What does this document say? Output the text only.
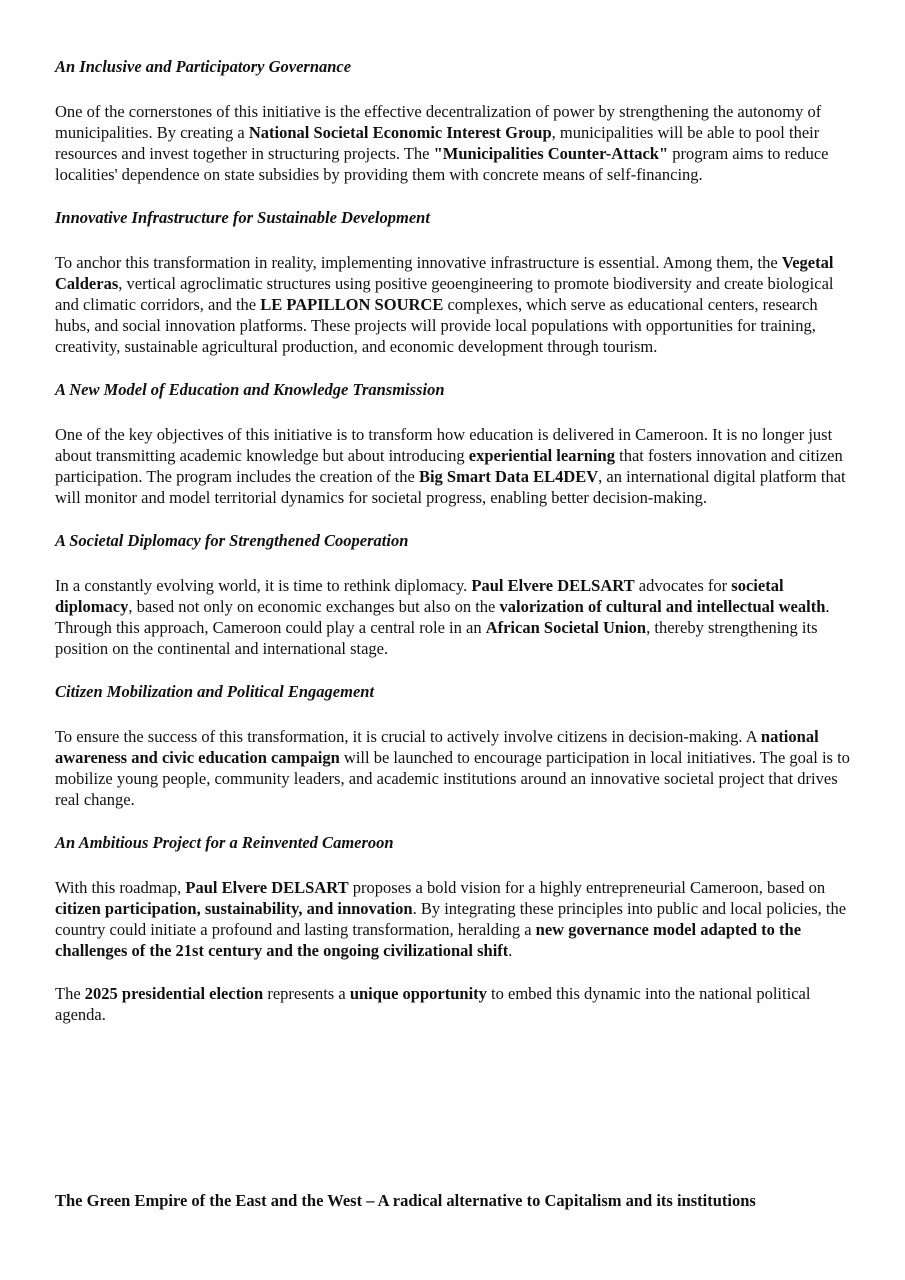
An Inclusive and Participatory Governance

One of the cornerstones of this initiative is the effective decentralization of power by strengthening the autonomy of municipalities. By creating a National Societal Economic Interest Group, municipalities will be able to pool their resources and invest together in structuring projects. The "Municipalities Counter-Attack" program aims to reduce localities' dependence on state subsidies by providing them with concrete means of self-financing.

Innovative Infrastructure for Sustainable Development

To anchor this transformation in reality, implementing innovative infrastructure is essential. Among them, the Vegetal Calderas, vertical agroclimatic structures using positive geoengineering to promote biodiversity and create biological and climatic corridors, and the LE PAPILLON SOURCE complexes, which serve as educational centers, research hubs, and social innovation platforms. These projects will provide local populations with opportunities for training, creativity, sustainable agricultural production, and economic development through tourism.

A New Model of Education and Knowledge Transmission

One of the key objectives of this initiative is to transform how education is delivered in Cameroon. It is no longer just about transmitting academic knowledge but about introducing experiential learning that fosters innovation and citizen participation. The program includes the creation of the Big Smart Data EL4DEV, an international digital platform that will monitor and model territorial dynamics for societal progress, enabling better decision-making.

A Societal Diplomacy for Strengthened Cooperation

In a constantly evolving world, it is time to rethink diplomacy. Paul Elvere DELSART advocates for societal diplomacy, based not only on economic exchanges but also on the valorization of cultural and intellectual wealth. Through this approach, Cameroon could play a central role in an African Societal Union, thereby strengthening its position on the continental and international stage.

Citizen Mobilization and Political Engagement

To ensure the success of this transformation, it is crucial to actively involve citizens in decision-making. A national awareness and civic education campaign will be launched to encourage participation in local initiatives. The goal is to mobilize young people, community leaders, and academic institutions around an innovative societal project that drives real change.

An Ambitious Project for a Reinvented Cameroon

With this roadmap, Paul Elvere DELSART proposes a bold vision for a highly entrepreneurial Cameroon, based on citizen participation, sustainability, and innovation. By integrating these principles into public and local policies, the country could initiate a profound and lasting transformation, heralding a new governance model adapted to the challenges of the 21st century and the ongoing civilizational shift.

The 2025 presidential election represents a unique opportunity to embed this dynamic into the national political agenda.

The Green Empire of the East and the West – A radical alternative to Capitalism and its institutions
